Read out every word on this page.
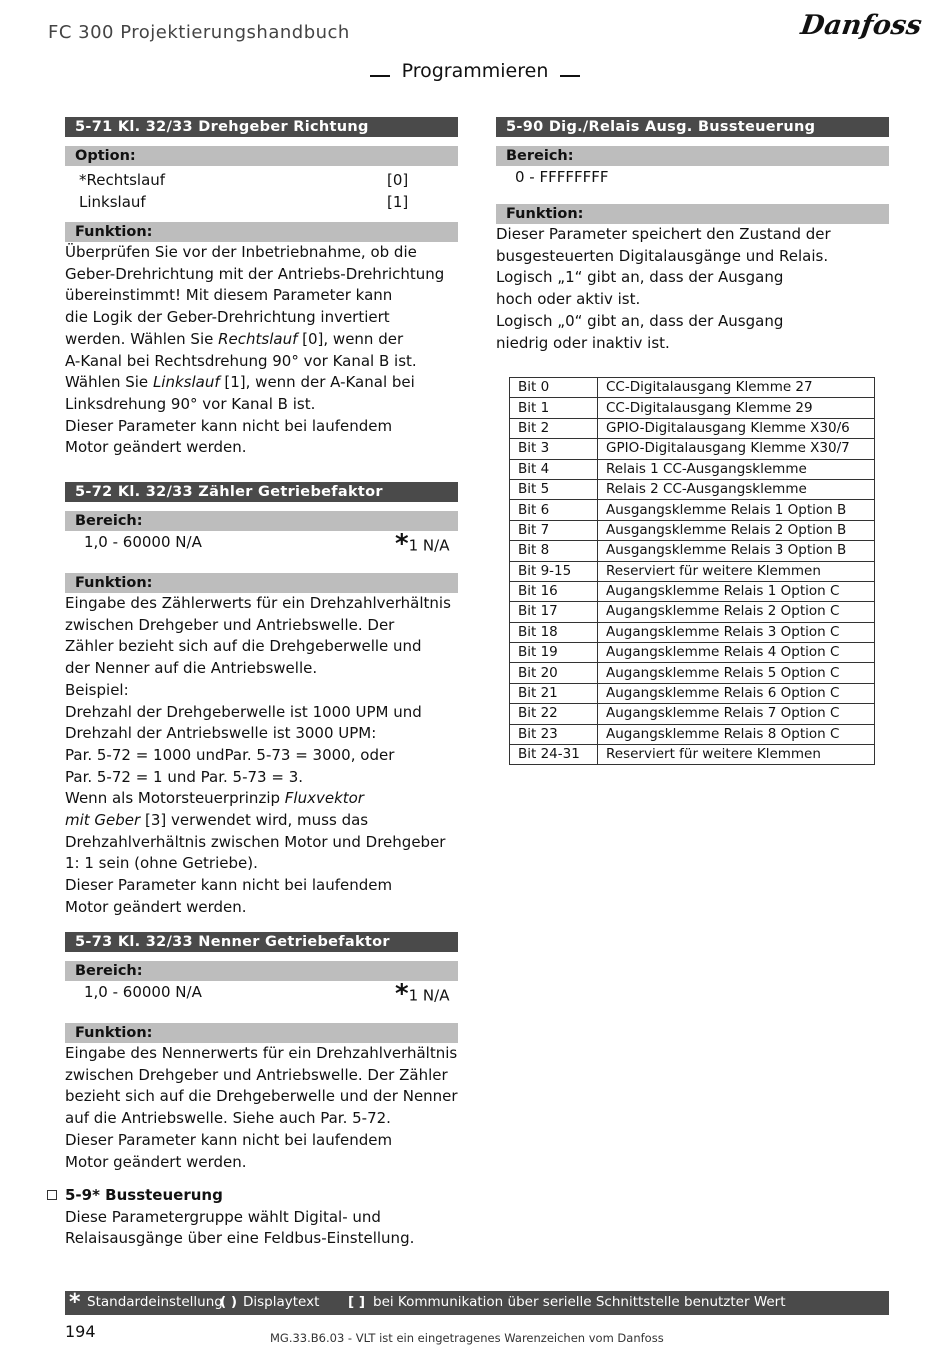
FC 300 Projektierungshandbuch	Danfoss
Programmieren
5-71 Kl. 32/33 Drehgeber Richtung
Option:
*Rechtslauf	[0]
Linkslauf	[1]
Funktion:
Überprüfen Sie vor der Inbetriebnahme, ob die
Geber-Drehrichtung mit der Antriebs-Drehrichtung
übereinstimmt! Mit diesem Parameter kann
die Logik der Geber-Drehrichtung invertiert
werden. Wählen Sie Rechtslauf [0], wenn der
A-Kanal bei Rechtsdrehung 90° vor Kanal B ist.
Wählen Sie Linkslauf [1], wenn der A-Kanal bei
Linksdrehung 90° vor Kanal B ist.
Dieser Parameter kann nicht bei laufendem
Motor geändert werden.
5-72 Kl. 32/33 Zähler Getriebefaktor
Bereich:
1,0 - 60000 N/A	*1 N/A
Funktion:
Eingabe des Zählerwerts für ein Drehzahlverhältnis
zwischen Drehgeber und Antriebswelle. Der
Zähler bezieht sich auf die Drehgeberwelle und
der Nenner auf die Antriebswelle.
Beispiel:
Drehzahl der Drehgeberwelle ist 1000 UPM und
Drehzahl der Antriebswelle ist 3000 UPM:
Par. 5-72 = 1000 undPar. 5-73 = 3000, oder
Par. 5-72 = 1 und Par. 5-73 = 3.
Wenn als Motorsteuerprinzip Fluxvektor
mit Geber [3] verwendet wird, muss das
Drehzahlverhältnis zwischen Motor und Drehgeber
1: 1 sein (ohne Getriebe).
Dieser Parameter kann nicht bei laufendem
Motor geändert werden.
5-73 Kl. 32/33 Nenner Getriebefaktor
Bereich:
1,0 - 60000 N/A	*1 N/A
Funktion:
Eingabe des Nennerwerts für ein Drehzahlverhältnis
zwischen Drehgeber und Antriebswelle. Der Zähler
bezieht sich auf die Drehgeberwelle und der Nenner
auf die Antriebswelle. Siehe auch Par. 5-72.
Dieser Parameter kann nicht bei laufendem
Motor geändert werden.
5-9* Bussteuerung
Diese Parametergruppe wählt Digital- und
Relaisausgänge über eine Feldbus-Einstellung.
5-90 Dig./Relais Ausg. Bussteuerung
Bereich:
0 - FFFFFFFF
Funktion:
Dieser Parameter speichert den Zustand der
busgesteuerten Digitalausgänge und Relais.
Logisch „1“ gibt an, dass der Ausgang
hoch oder aktiv ist.
Logisch „0“ gibt an, dass der Ausgang
niedrig oder inaktiv ist.
Bit 0	CC-Digitalausgang Klemme 27
Bit 1	CC-Digitalausgang Klemme 29
Bit 2	GPIO-Digitalausgang Klemme X30/6
Bit 3	GPIO-Digitalausgang Klemme X30/7
Bit 4	Relais 1 CC-Ausgangsklemme
Bit 5	Relais 2 CC-Ausgangsklemme
Bit 6	Ausgangsklemme Relais 1 Option B
Bit 7	Ausgangsklemme Relais 2 Option B
Bit 8	Ausgangsklemme Relais 3 Option B
Bit 9-15	Reserviert für weitere Klemmen
Bit 16	Augangsklemme Relais 1 Option C
Bit 17	Augangsklemme Relais 2 Option C
Bit 18	Augangsklemme Relais 3 Option C
Bit 19	Augangsklemme Relais 4 Option C
Bit 20	Augangsklemme Relais 5 Option C
Bit 21	Augangsklemme Relais 6 Option C
Bit 22	Augangsklemme Relais 7 Option C
Bit 23	Augangsklemme Relais 8 Option C
Bit 24-31	Reserviert für weitere Klemmen
* Standardeinstellung
( ) Displaytext [ ] bei Kommunikation über serielle Schnittstelle benutzter Wert
194	MG.33.B6.03 - VLT ist ein eingetragenes Warenzeichen vom Danfoss
